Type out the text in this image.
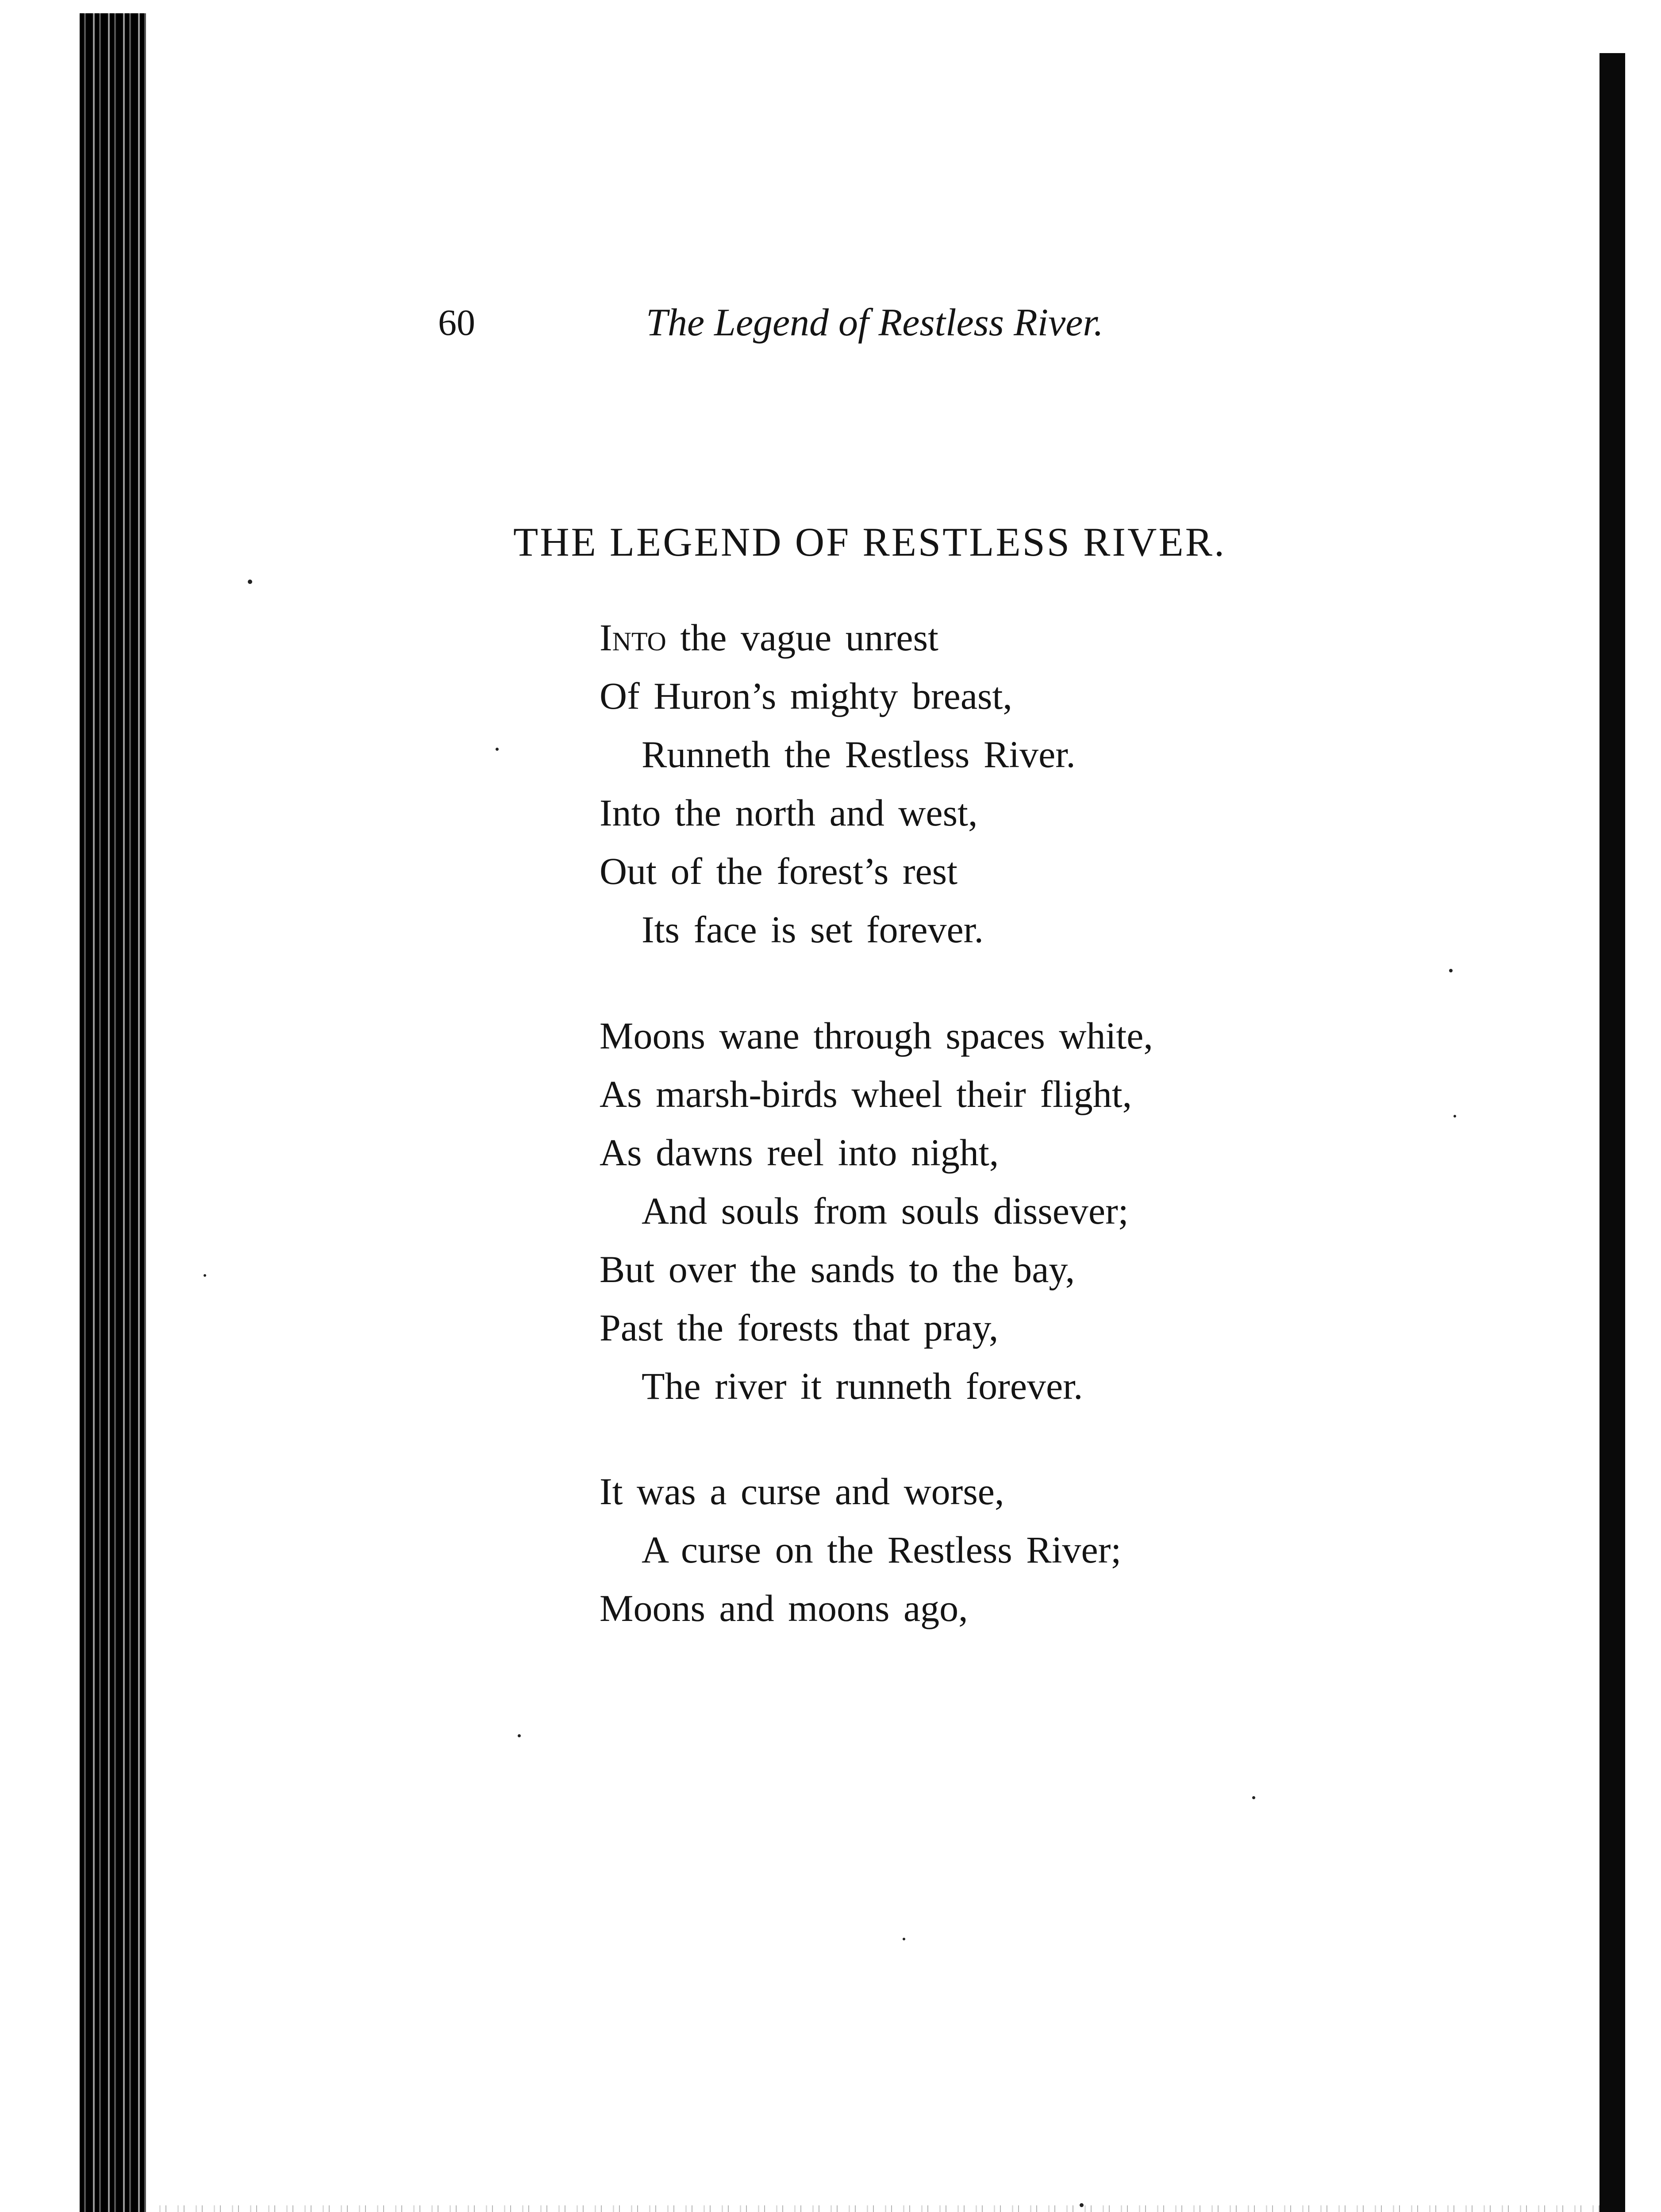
60	The Legend of Restless River.
THE LEGEND OF RESTLESS RIVER.
Into the vague unrest
Of Huron’s mighty breast,
Runneth the Restless River.
Into the north and west,
Out of the forest’s rest
Its face is set forever.
Moons wane through spaces white,
As marsh-birds wheel their flight,
As dawns reel into night,
And souls from souls dissever;
But over the sands to the bay,
Past the forests that pray,
The river it runneth forever.
It was a curse and worse,
A curse on the Restless River;
Moons and moons ago,
